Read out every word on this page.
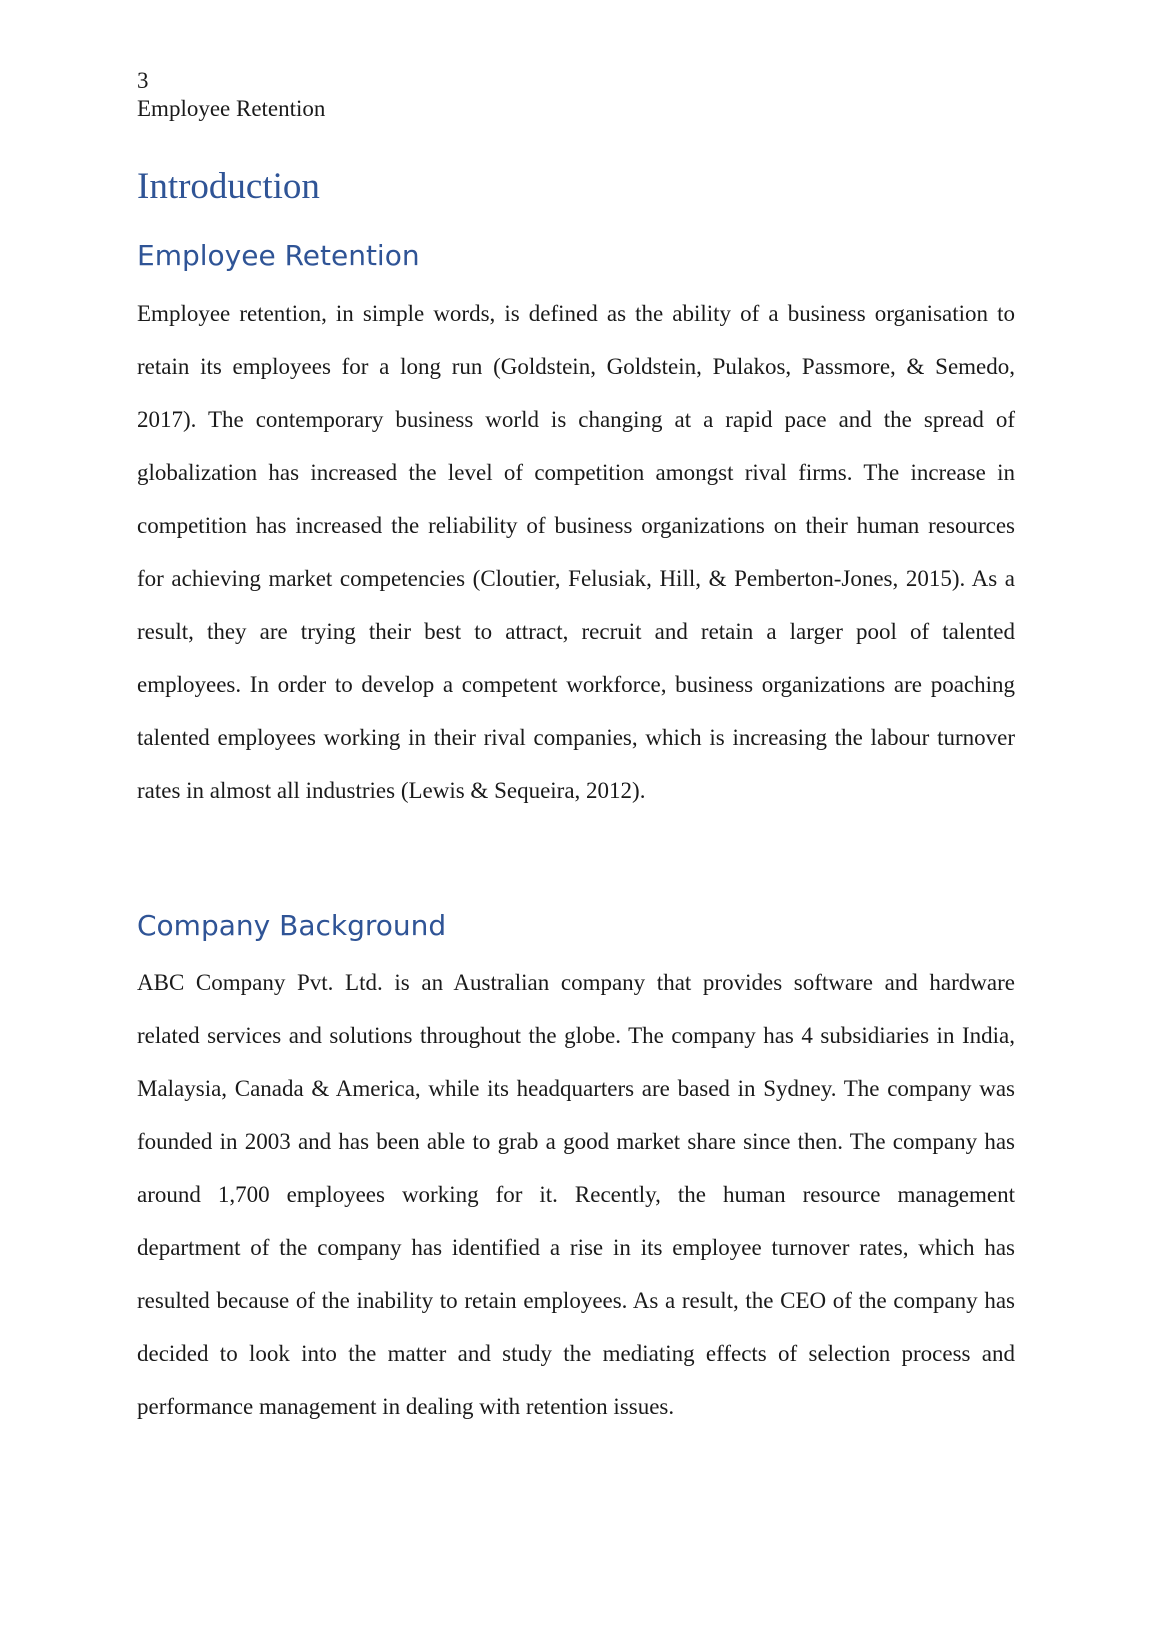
3
Employee Retention
Introduction
Employee Retention
Employee retention, in simple words, is defined as the ability of a business organisation to
retain its employees for a long run (Goldstein, Goldstein, Pulakos, Passmore, & Semedo,
2017). The contemporary business world is changing at a rapid pace and the spread of
globalization has increased the level of competition amongst rival firms. The increase in
competition has increased the reliability of business organizations on their human resources
for achieving market competencies (Cloutier, Felusiak, Hill, & Pemberton-Jones, 2015). As a
result, they are trying their best to attract, recruit and retain a larger pool of talented
employees. In order to develop a competent workforce, business organizations are poaching
talented employees working in their rival companies, which is increasing the labour turnover
rates in almost all industries (Lewis & Sequeira, 2012).
Company Background
ABC Company Pvt. Ltd. is an Australian company that provides software and hardware
related services and solutions throughout the globe. The company has 4 subsidiaries in India,
Malaysia, Canada & America, while its headquarters are based in Sydney. The company was
founded in 2003 and has been able to grab a good market share since then. The company has
around 1,700 employees working for it. Recently, the human resource management
department of the company has identified a rise in its employee turnover rates, which has
resulted because of the inability to retain employees. As a result, the CEO of the company has
decided to look into the matter and study the mediating effects of selection process and
performance management in dealing with retention issues.
